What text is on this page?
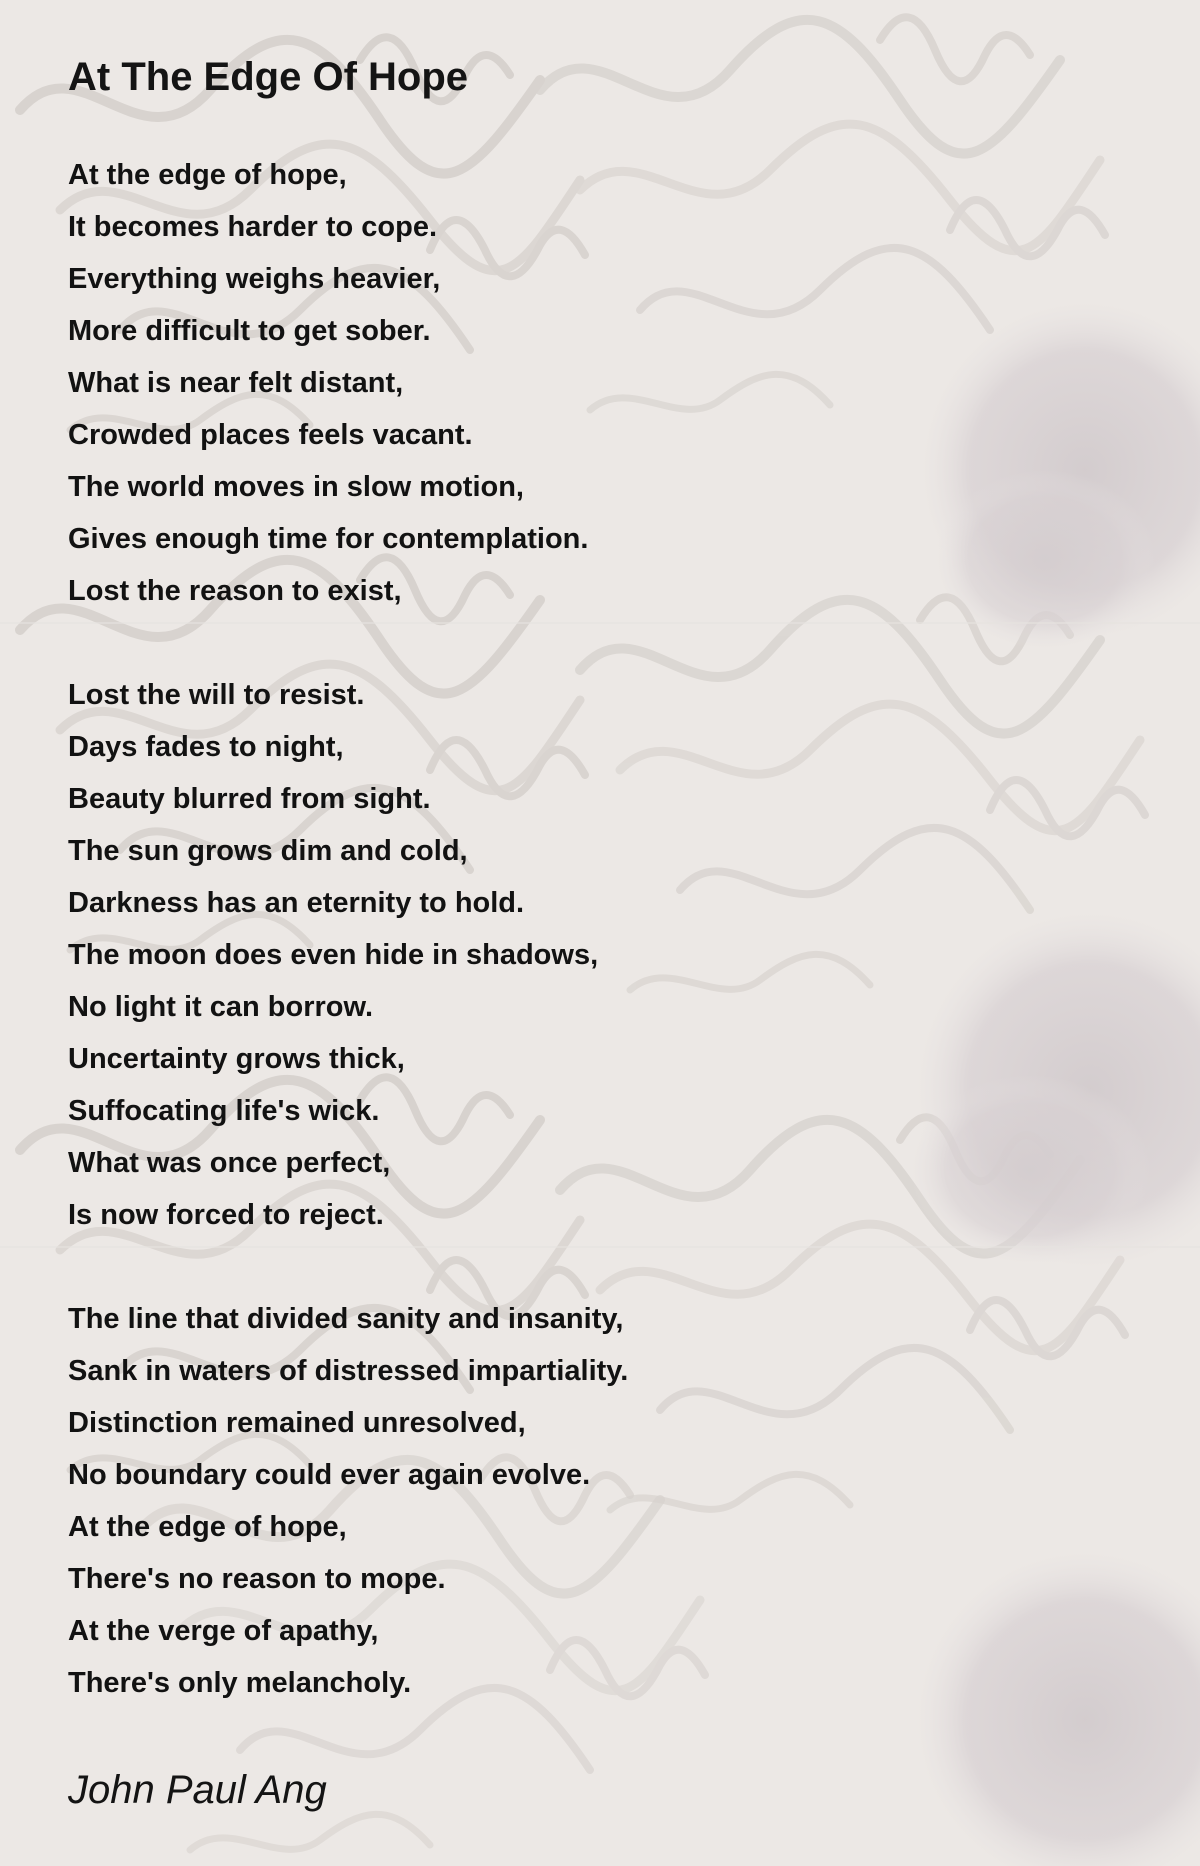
At The Edge Of Hope

At the edge of hope,
It becomes harder to cope.
Everything weighs heavier,
More difficult to get sober.
What is near felt distant,
Crowded places feels vacant.
The world moves in slow motion,
Gives enough time for contemplation.
Lost the reason to exist,

Lost the will to resist.
Days fades to night,
Beauty blurred from sight.
The sun grows dim and cold,
Darkness has an eternity to hold.
The moon does even hide in shadows,
No light it can borrow.
Uncertainty grows thick,
Suffocating life's wick.
What was once perfect,
Is now forced to reject.

The line that divided sanity and insanity,
Sank in waters of distressed impartiality.
Distinction remained unresolved,
No boundary could ever again evolve.
At the edge of hope,
There's no reason to mope.
At the verge of apathy,
There's only melancholy.

John Paul Ang
